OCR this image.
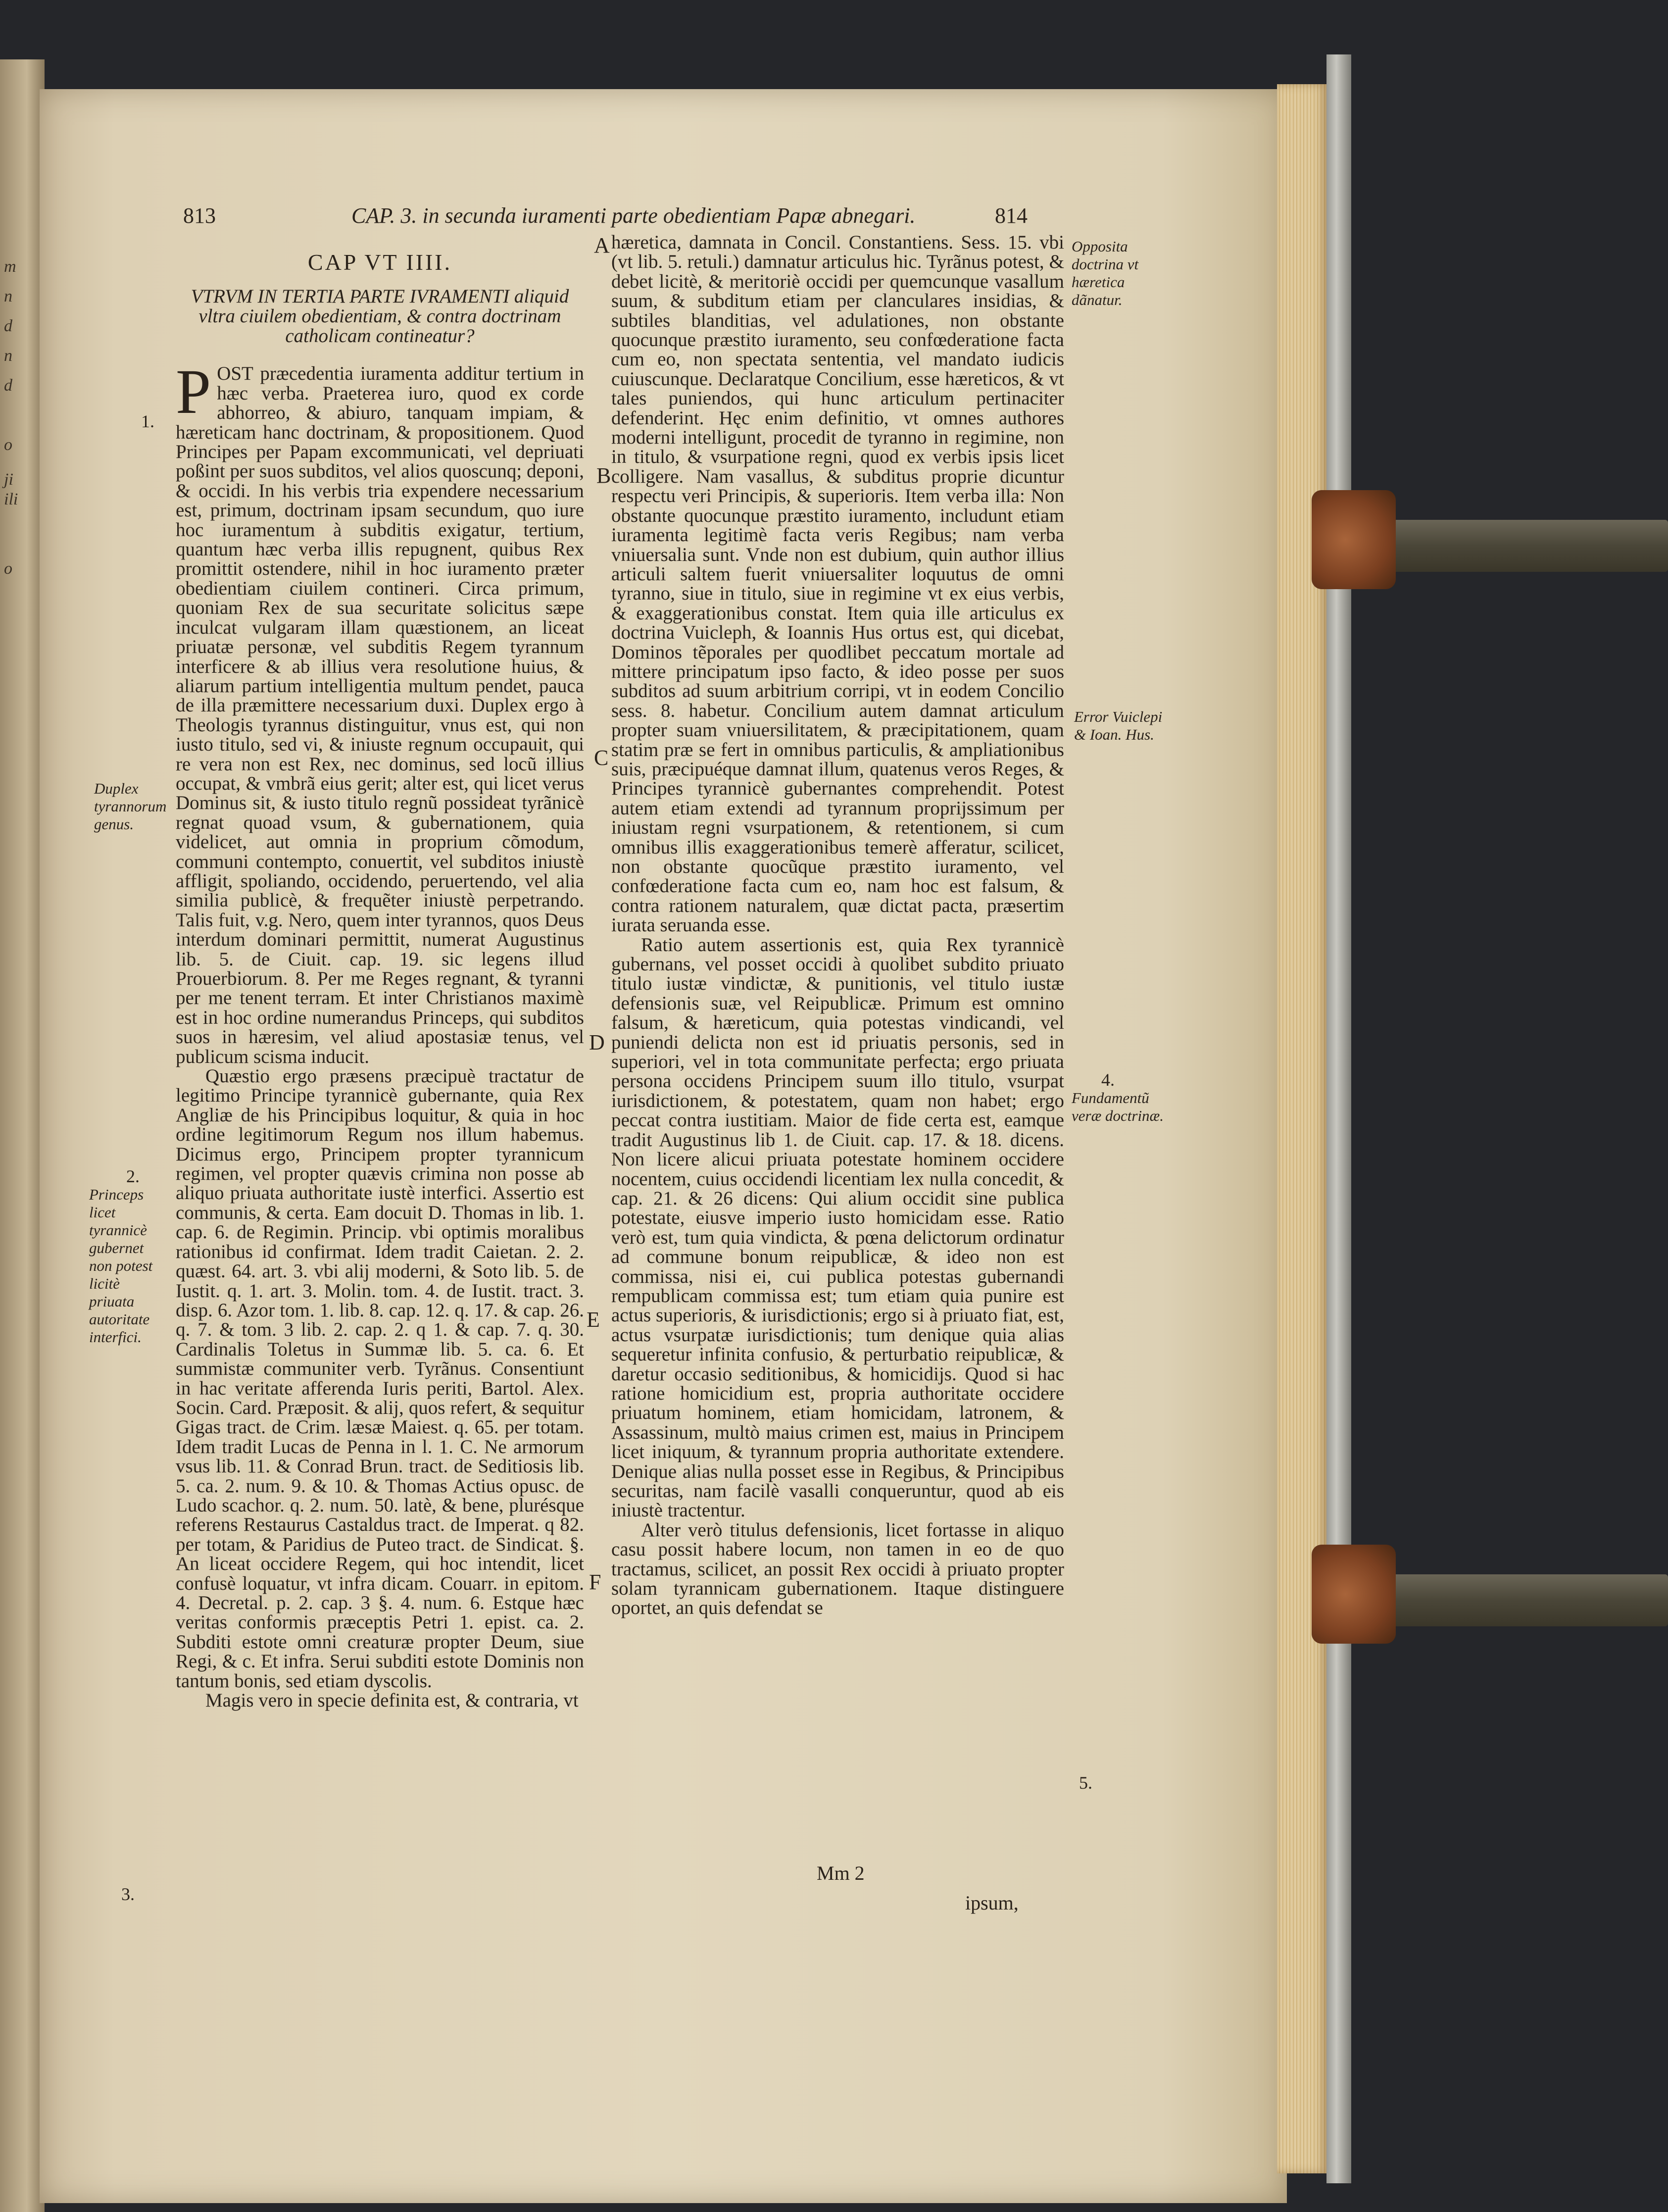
m
n
d
n
d
o
ji
ili
o
813	CAP. 3. in secunda iuramenti parte obedientiam Papæ abnegari.	814
CAP VT IIII.
VTRVM IN TERTIA PARTE IVRAMENTI aliquid vltra ciuilem obedientiam, & contra doctrinam catholicam contineatur?

POST præcedentia iuramenta additur tertium in hæc verba. Praeterea iuro, quod ex corde abhorreo, & abiuro, tanquam impiam, & hæreticam hanc doctrinam, & propositionem. Quod Principes per Papam excommunicati, vel depriuati poßint per suos subditos, vel alios quoscunq; deponi, & occidi. In his verbis tria expendere necessarium est, primum, doctrinam ipsam secundum, quo iure hoc iuramentum à subditis exigatur, tertium, quantum hæc verba illis repugnent, quibus Rex promittit ostendere, nihil in hoc iuramento præter obedientiam ciuilem contineri. Circa primum, quoniam Rex de sua securitate solicitus sæpe inculcat vulgaram illam quæstionem, an liceat priuatæ personæ, vel subditis Regem tyrannum interficere & ab illius vera resolutione huius, & aliarum partium intelligentia multum pendet, pauca de illa præmittere necessarium duxi. Duplex ergo à Theologis tyrannus distinguitur, vnus est, qui non iusto titulo, sed vi, & iniuste regnum occupauit, qui re vera non est Rex, nec dominus, sed locũ illius occupat, & vmbrã eius gerit; alter est, qui licet verus Dominus sit, & iusto titulo regnũ possideat tyrãnicè regnat quoad vsum, & gubernationem, quia videlicet, aut omnia in proprium cõmodum, communi contempto, conuertit, vel subditos iniustè affligit, spoliando, occidendo, peruertendo, vel alia similia publicè, & frequẽter iniustè perpetrando. Talis fuit, v.g. Nero, quem inter tyrannos, quos Deus interdum dominari permittit, numerat Augustinus lib. 5. de Ciuit. cap. 19. sic legens illud Prouerbiorum. 8. Per me Reges regnant, & tyranni per me tenent terram. Et inter Christianos maximè est in hoc ordine numerandus Princeps, qui subditos suos in hæresim, vel aliud apostasiæ tenus, vel publicum scisma inducit.

Quæstio ergo præsens præcipuè tractatur de legitimo Principe tyrannicè gubernante, quia Rex Angliæ de his Principibus loquitur, & quia in hoc ordine legitimorum Regum nos illum habemus. Dicimus ergo, Principem propter tyrannicum regimen, vel propter quævis crimina non posse ab aliquo priuata authoritate iustè interfici. Assertio est communis, & certa. Eam docuit D. Thomas in lib. 1. cap. 6. de Regimin. Princip. vbi optimis moralibus rationibus id confirmat. Idem tradit Caietan. 2. 2. quæst. 64. art. 3. vbi alij moderni, & Soto lib. 5. de Iustit. q. 1. art. 3. Molin. tom. 4. de Iustit. tract. 3. disp. 6. Azor tom. 1. lib. 8. cap. 12. q. 17. & cap. 26. q. 7. & tom. 3 lib. 2. cap. 2. q 1. & cap. 7. q. 30. Cardinalis Toletus in Summæ lib. 5. ca. 6. Et summistæ communiter verb. Tyrãnus. Consentiunt in hac veritate afferenda Iuris periti, Bartol. Alex. Socin. Card. Præposit. & alij, quos refert, & sequitur Gigas tract. de Crim. læsæ Maiest. q. 65. per totam. Idem tradit Lucas de Penna in l. 1. C. Ne armorum vsus lib. 11. & Conrad Brun. tract. de Seditiosis lib. 5. ca. 2. num. 9. & 10. & Thomas Actius opusc. de Ludo scachor. q. 2. num. 50. latè, & bene, plurésque referens Restaurus Castaldus tract. de Imperat. q 82. per totam, & Paridius de Puteo tract. de Sindicat. §. An liceat occidere Regem, qui hoc intendit, licet confusè loquatur, vt infra dicam. Couarr. in epitom. 4. Decretal. p. 2. cap. 3 §. 4. num. 6. Estque hæc veritas conformis præceptis Petri 1. epist. ca. 2. Subditi estote omni creaturæ propter Deum, siue Regi, & c. Et infra. Serui subditi estote Dominis non tantum bonis, sed etiam dyscolis.

Magis vero in specie definita est, & contraria, vt

hæretica, damnata in Concil. Constantiens. Sess. 15. vbi (vt lib. 5. retuli.) damnatur articulus hic. Tyrãnus potest, & debet licitè, & meritoriè occidi per quemcunque vasallum suum, & subditum etiam per clanculares insidias, & subtiles blanditias, vel adulationes, non obstante quocunque præstito iuramento, seu confœderatione facta cum eo, non spectata sententia, vel mandato iudicis cuiuscunque. Declaratque Concilium, esse hæreticos, & vt tales puniendos, qui hunc articulum pertinaciter defenderint. Hęc enim definitio, vt omnes authores moderni intelligunt, procedit de tyranno in regimine, non in titulo, & vsurpatione regni, quod ex verbis ipsis licet colligere. Nam vasallus, & subditus proprie dicuntur respectu veri Principis, & superioris. Item verba illa: Non obstante quocunque præstito iuramento, includunt etiam iuramenta legitimè facta veris Regibus; nam verba vniuersalia sunt. Vnde non est dubium, quin author illius articuli saltem fuerit vniuersaliter loquutus de omni tyranno, siue in titulo, siue in regimine vt ex eius verbis, & exaggerationibus constat. Item quia ille articulus ex doctrina Vuicleph, & Ioannis Hus ortus est, qui dicebat, Dominos tẽporales per quodlibet peccatum mortale ad mittere principatum ipso facto, & ideo posse per suos subditos ad suum arbitrium corripi, vt in eodem Concilio sess. 8. habetur. Concilium autem damnat articulum propter suam vniuersilitatem, & præcipitationem, quam statim præ se fert in omnibus particulis, & ampliationibus suis, præcipuéque damnat illum, quatenus veros Reges, & Principes tyrannicè gubernantes comprehendit. Potest autem etiam extendi ad tyrannum proprijssimum per iniustam regni vsurpationem, & retentionem, si cum omnibus illis exaggerationibus temerè afferatur, scilicet, non obstante quocũque præstito iuramento, vel confœderatione facta cum eo, nam hoc est falsum, & contra rationem naturalem, quæ dictat pacta, præsertim iurata seruanda esse.

Ratio autem assertionis est, quia Rex tyrannicè gubernans, vel posset occidi à quolibet subdito priuato titulo iustæ vindictæ, & punitionis, vel titulo iustæ defensionis suæ, vel Reipublicæ. Primum est omnino falsum, & hæreticum, quia potestas vindicandi, vel puniendi delicta non est id priuatis personis, sed in superiori, vel in tota communitate perfecta; ergo priuata persona occidens Principem suum illo titulo, vsurpat iurisdictionem, & potestatem, quam non habet; ergo peccat contra iustitiam. Maior de fide certa est, eamque tradit Augustinus lib 1. de Ciuit. cap. 17. & 18. dicens. Non licere alicui priuata potestate hominem occidere nocentem, cuius occidendi licentiam lex nulla concedit, & cap. 21. & 26 dicens: Qui alium occidit sine publica potestate, eiusve imperio iusto homicidam esse. Ratio verò est, tum quia vindicta, & pœna delictorum ordinatur ad commune bonum reipublicæ, & ideo non est commissa, nisi ei, cui publica potestas gubernandi rempublicam commissa est; tum etiam quia punire est actus superioris, & iurisdictionis; ergo si à priuato fiat, est, actus vsurpatæ iurisdictionis; tum denique quia alias sequeretur infinita confusio, & perturbatio reipublicæ, & daretur occasio seditionibus, & homicidijs. Quod si hac ratione homicidium est, propria authoritate occidere priuatum hominem, etiam homicidam, latronem, & Assassinum, multò maius crimen est, maius in Principem licet iniquum, & tyrannum propria authoritate extendere. Denique alias nulla posset esse in Regibus, & Principibus securitas, nam facilè vasalli conqueruntur, quod ab eis iniustè tractentur.

Alter verò titulus defensionis, licet fortasse in aliquo casu possit habere locum, non tamen in eo de quo tractamus, scilicet, an possit Rex occidi à priuato propter solam tyrannicam gubernationem. Itaque distinguere oportet, an quis defendat se

A
B
C
D
E
F
1.
Duplex tyrannorum genus.
2.
Princeps licet tyrannicè gubernet non potest licitè priuata autoritate interfici.
3.
Opposita doctrina vt hæretica dãnatur.
Error Vuiclepi & Ioan. Hus.
4.
Fundamentũ veræ doctrinæ.
5.
Mm 2
ipsum,
